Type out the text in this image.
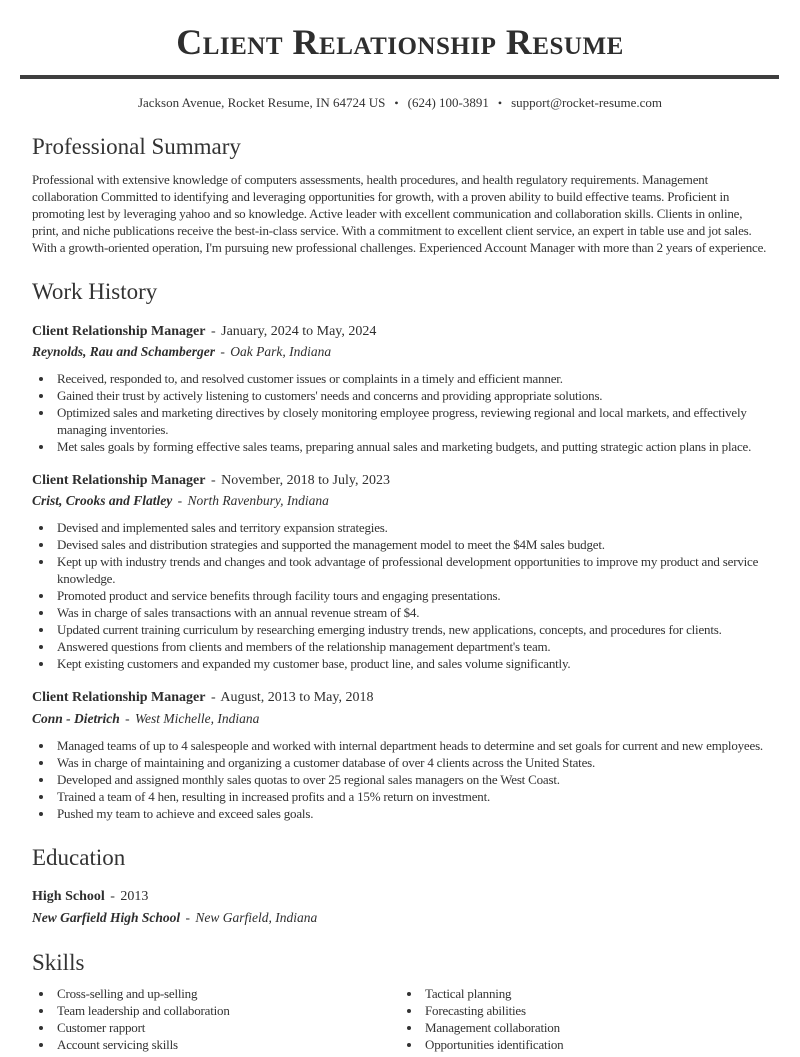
Client Relationship Resume

Jackson Avenue, Rocket Resume, IN 64724 US • (624) 100-3891 • support@rocket-resume.com

Professional Summary

Professional with extensive knowledge of computers assessments, health procedures, and health regulatory requirements. Management collaboration Committed to identifying and leveraging opportunities for growth, with a proven ability to build effective teams. Proficient in promoting lest by leveraging yahoo and so knowledge. Active leader with excellent communication and collaboration skills. Clients in online, print, and niche publications receive the best-in-class service. With a commitment to excellent client service, an expert in table use and jot sales. With a growth-oriented operation, I'm pursuing new professional challenges. Experienced Account Manager with more than 2 years of experience.

Work History
Client Relationship Manager - January, 2024 to May, 2024
Reynolds, Rau and Schamberger - Oak Park, Indiana
• Received, responded to, and resolved customer issues or complaints in a timely and efficient manner.
• Gained their trust by actively listening to customers' needs and concerns and providing appropriate solutions.
• Optimized sales and marketing directives by closely monitoring employee progress, reviewing regional and local markets, and effectively managing inventories.
• Met sales goals by forming effective sales teams, preparing annual sales and marketing budgets, and putting strategic action plans in place.
Client Relationship Manager - November, 2018 to July, 2023
Crist, Crooks and Flatley - North Ravenbury, Indiana
• Devised and implemented sales and territory expansion strategies.
• Devised sales and distribution strategies and supported the management model to meet the $4M sales budget.
• Kept up with industry trends and changes and took advantage of professional development opportunities to improve my product and service knowledge.
• Promoted product and service benefits through facility tours and engaging presentations.
• Was in charge of sales transactions with an annual revenue stream of $4.
• Updated current training curriculum by researching emerging industry trends, new applications, concepts, and procedures for clients.
• Answered questions from clients and members of the relationship management department's team.
• Kept existing customers and expanded my customer base, product line, and sales volume significantly.
Client Relationship Manager - August, 2013 to May, 2018
Conn - Dietrich - West Michelle, Indiana
• Managed teams of up to 4 salespeople and worked with internal department heads to determine and set goals for current and new employees.
• Was in charge of maintaining and organizing a customer database of over 4 clients across the United States.
• Developed and assigned monthly sales quotas to over 25 regional sales managers on the West Coast.
• Trained a team of 4 hen, resulting in increased profits and a 15% return on investment.
• Pushed my team to achieve and exceed sales goals.
Education
High School - 2013
New Garfield High School - New Garfield, Indiana
Skills
• Cross-selling and up-selling
• Team leadership and collaboration
• Customer rapport
• Account servicing skills
• Tactical planning
• Forecasting abilities
• Management collaboration
• Opportunities identification
